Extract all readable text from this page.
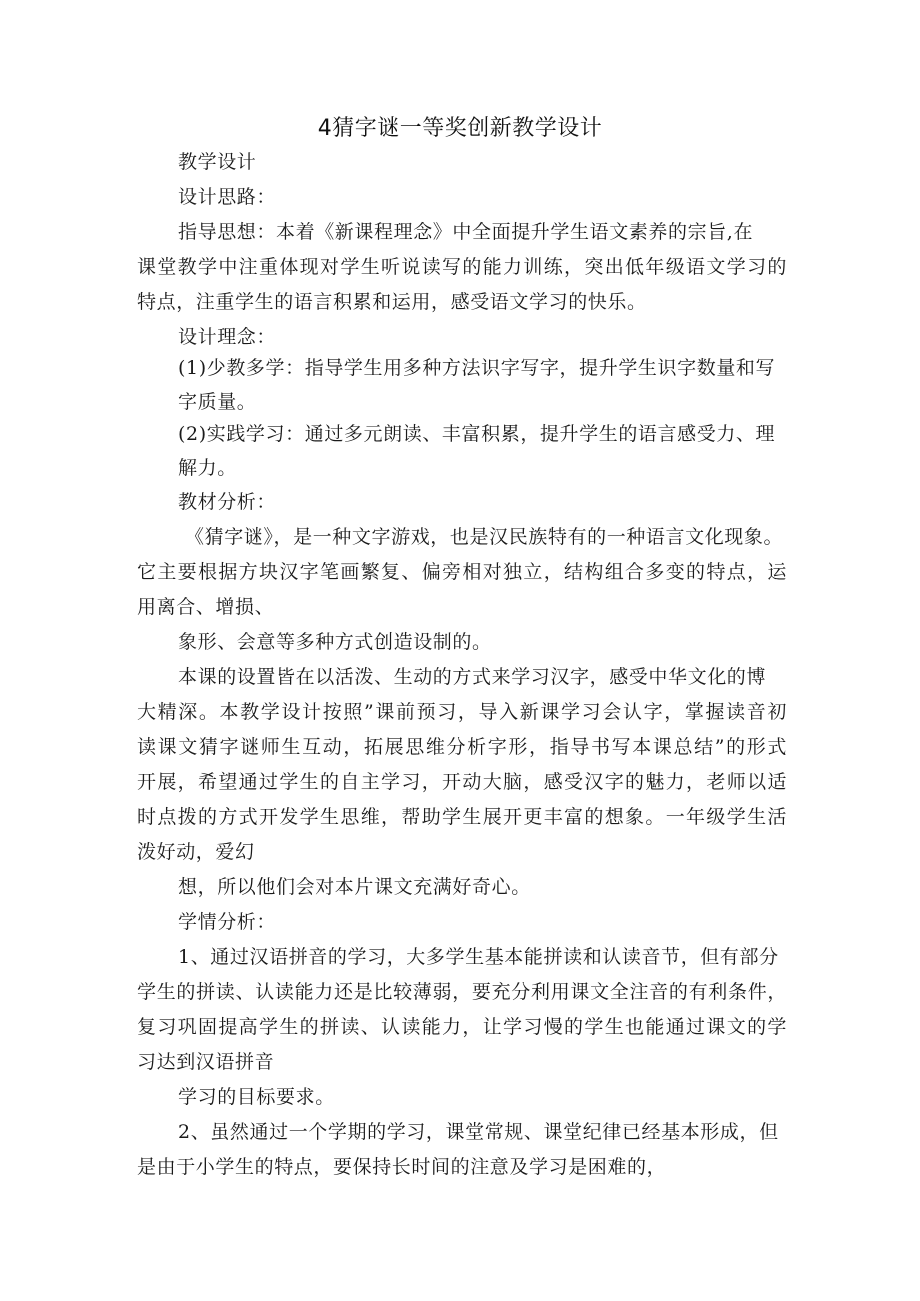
4猜字谜一等奖创新教学设计
教学设计
设计思路：
指导思想：本着《新课程理念》中全面提升学生语文素养的宗旨,在
课堂教学中注重体现对学生听说读写的能力训练，突出低年级语文学习的
特点，注重学生的语言积累和运用，感受语文学习的快乐。
设计理念：
(1)少教多学：指导学生用多种方法识字写字，提升学生识字数量和写
字质量。
(2)实践学习：通过多元朗读、丰富积累，提升学生的语言感受力、理
解力。
教材分析：
《猜字谜》，是一种文字游戏，也是汉民族特有的一种语言文化现象。
它主要根据方块汉字笔画繁复、偏旁相对独立，结构组合多变的特点，运
用离合、增损、
象形、会意等多种方式创造设制的。
本课的设置皆在以活泼、生动的方式来学习汉字，感受中华文化的博
大精深。本教学设计按照”课前预习，导入新课学习会认字，掌握读音初
读课文猜字谜师生互动，拓展思维分析字形，指导书写本课总结”的形式
开展，希望通过学生的自主学习，开动大脑，感受汉字的魅力，老师以适
时点拨的方式开发学生思维，帮助学生展开更丰富的想象。一年级学生活
泼好动，爱幻
想，所以他们会对本片课文充满好奇心。
学情分析：
1、通过汉语拼音的学习，大多学生基本能拼读和认读音节，但有部分
学生的拼读、认读能力还是比较薄弱，要充分利用课文全注音的有利条件，
复习巩固提高学生的拼读、认读能力，让学习慢的学生也能通过课文的学
习达到汉语拼音
学习的目标要求。
2、虽然通过一个学期的学习，课堂常规、课堂纪律已经基本形成，但
是由于小学生的特点，要保持长时间的注意及学习是困难的，
